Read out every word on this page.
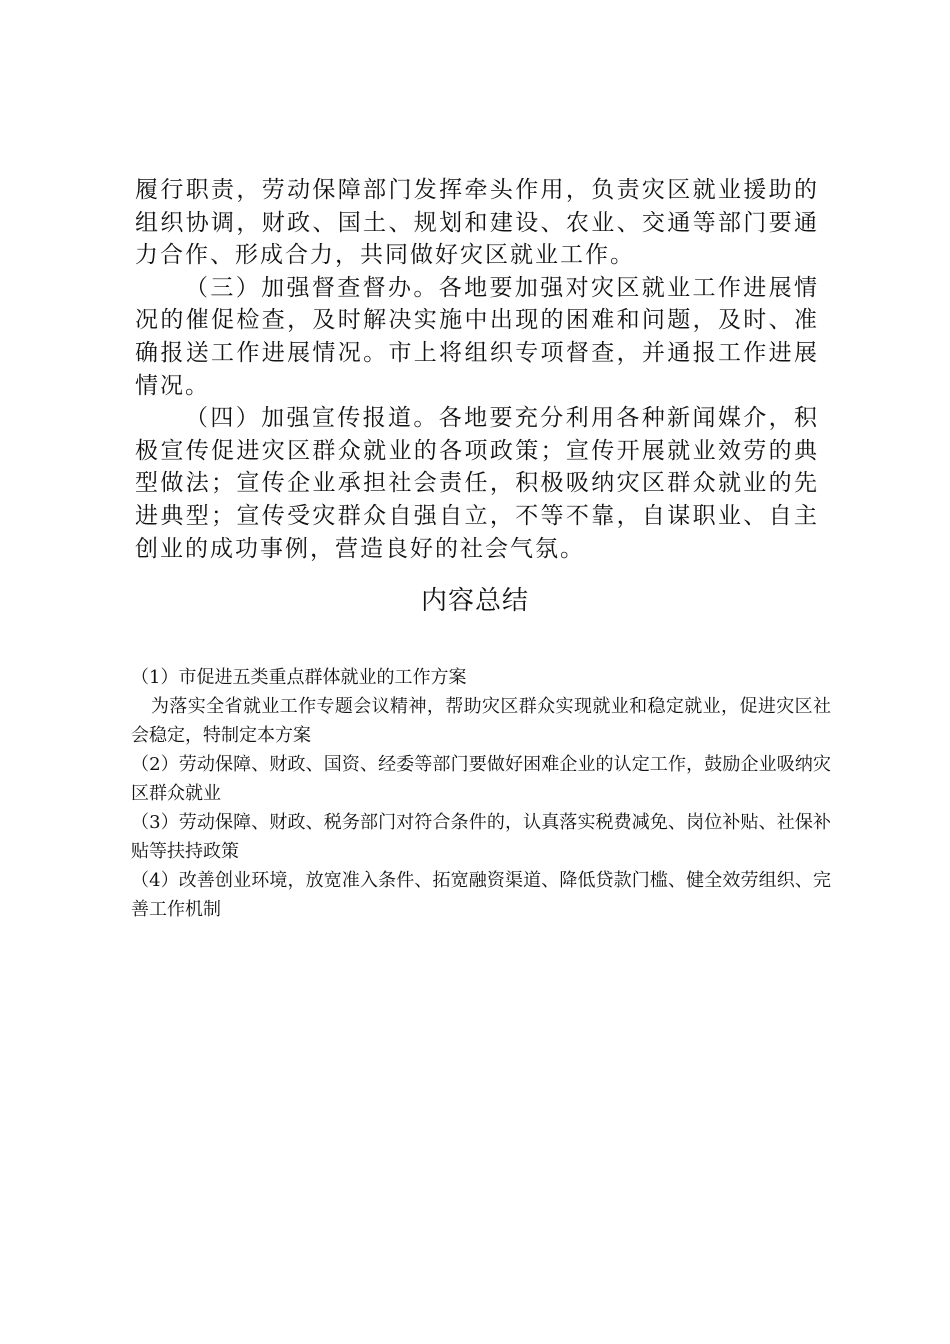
履行职责，劳动保障部门发挥牵头作用，负责灾区就业援助的组织协调，财政、国土、规划和建设、农业、交通等部门要通力合作、形成合力，共同做好灾区就业工作。

（三）加强督查督办。各地要加强对灾区就业工作进展情况的催促检查，及时解决实施中出现的困难和问题，及时、准确报送工作进展情况。市上将组织专项督查，并通报工作进展情况。

（四）加强宣传报道。各地要充分利用各种新闻媒介，积极宣传促进灾区群众就业的各项政策；宣传开展就业效劳的典型做法；宣传企业承担社会责任，积极吸纳灾区群众就业的先进典型；宣传受灾群众自强自立，不等不靠，自谋职业、自主创业的成功事例，营造良好的社会气氛。

内容总结

（1）市促进五类重点群体就业的工作方案

为落实全省就业工作专题会议精神，帮助灾区群众实现就业和稳定就业，促进灾区社会稳定，特制定本方案

（2）劳动保障、财政、国资、经委等部门要做好困难企业的认定工作，鼓励企业吸纳灾区群众就业

（3）劳动保障、财政、税务部门对符合条件的，认真落实税费减免、岗位补贴、社保补贴等扶持政策

（4）改善创业环境，放宽准入条件、拓宽融资渠道、降低贷款门槛、健全效劳组织、完善工作机制
